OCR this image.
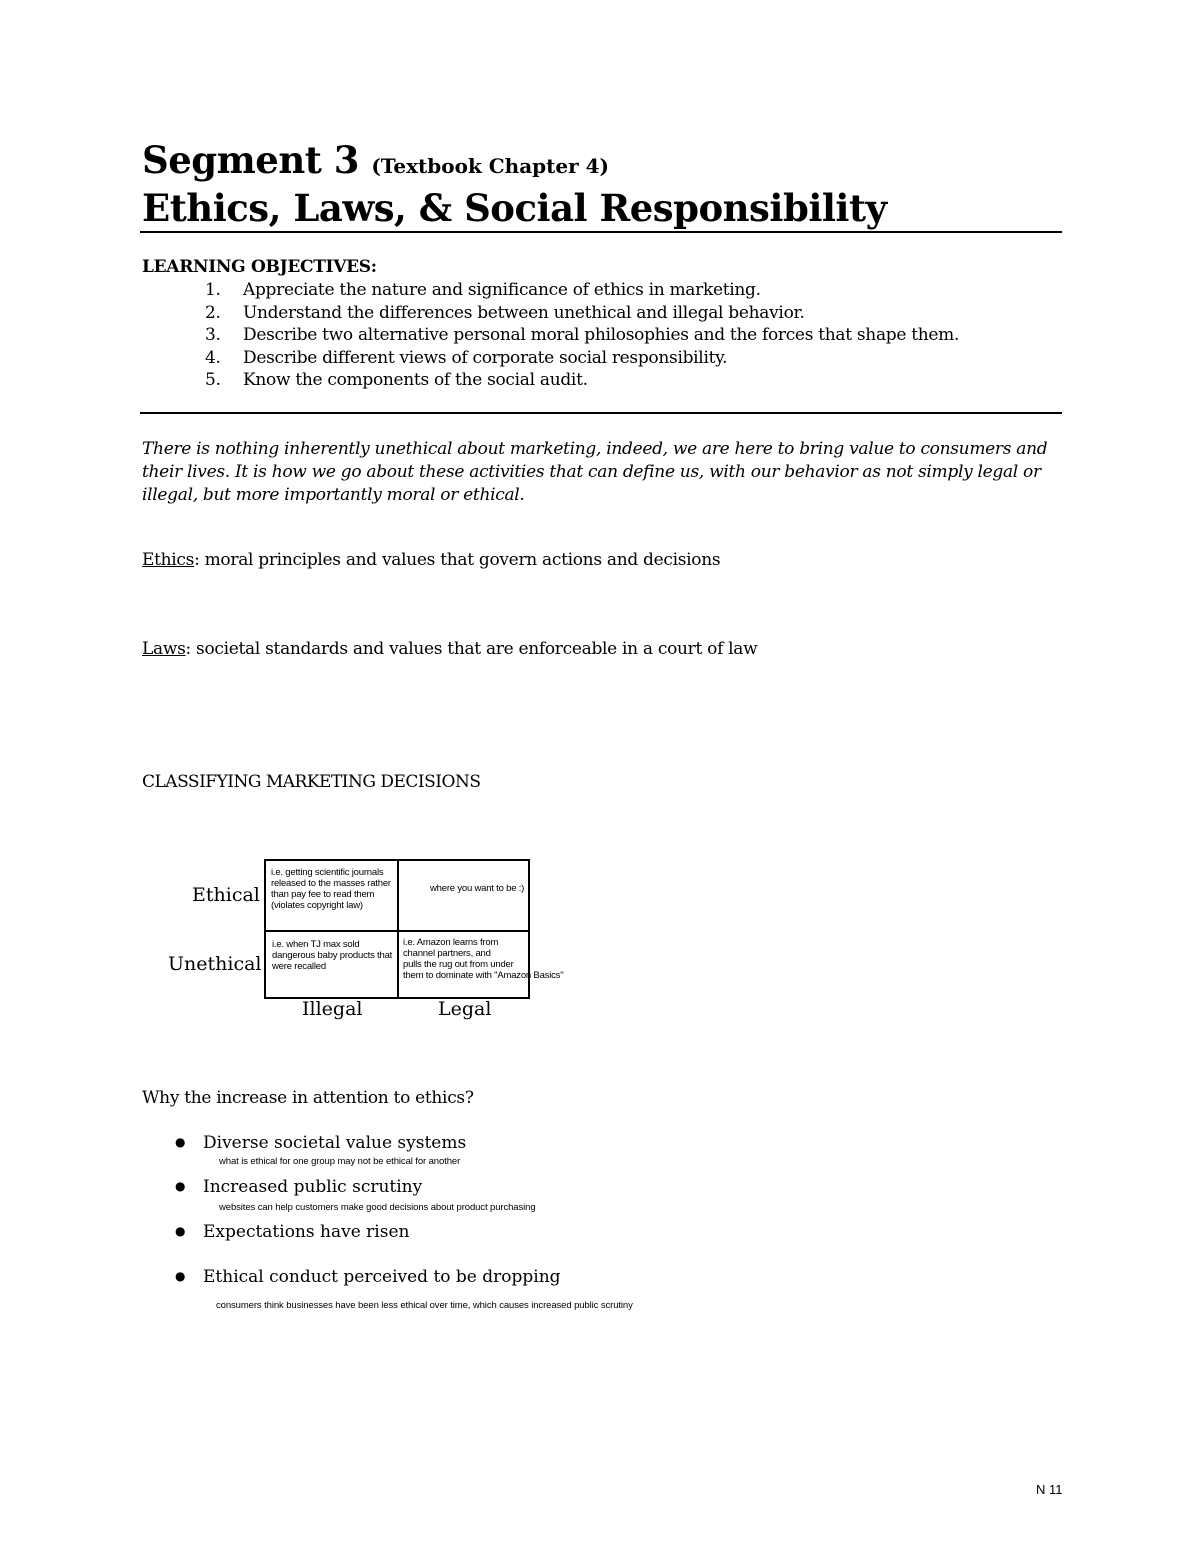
Segment 3 (Textbook Chapter 4)
Ethics, Laws, & Social Responsibility
LEARNING OBJECTIVES:
1. Appreciate the nature and significance of ethics in marketing.
2. Understand the differences between unethical and illegal behavior.
3. Describe two alternative personal moral philosophies and the forces that shape them.
4. Describe different views of corporate social responsibility.
5. Know the components of the social audit.
There is nothing inherently unethical about marketing, indeed, we are here to bring value to consumers and their lives. It is how we go about these activities that can define us, with our behavior as not simply legal or illegal, but more importantly moral or ethical.
Ethics: moral principles and values that govern actions and decisions
Laws: societal standards and values that are enforceable in a court of law
CLASSIFYING MARKETING DECISIONS
Ethical
Unethical
i.e. getting scientific journals released to the masses rather than pay fee to read them (violates copyright law)
where you want to be :)
i.e. when TJ max sold dangerous baby products that were recalled
i.e. Amazon learns from
channel partners, and
pulls the rug out from under
them to dominate with "Amazon Basics"
Illegal	Legal
Why the increase in attention to ethics?
● Diverse societal value systems
what is ethical for one group may not be ethical for another
● Increased public scrutiny
websites can help customers make good decisions about product purchasing
● Expectations have risen
● Ethical conduct perceived to be dropping
consumers think businesses have been less ethical over time, which causes increased public scrutiny
N 11
